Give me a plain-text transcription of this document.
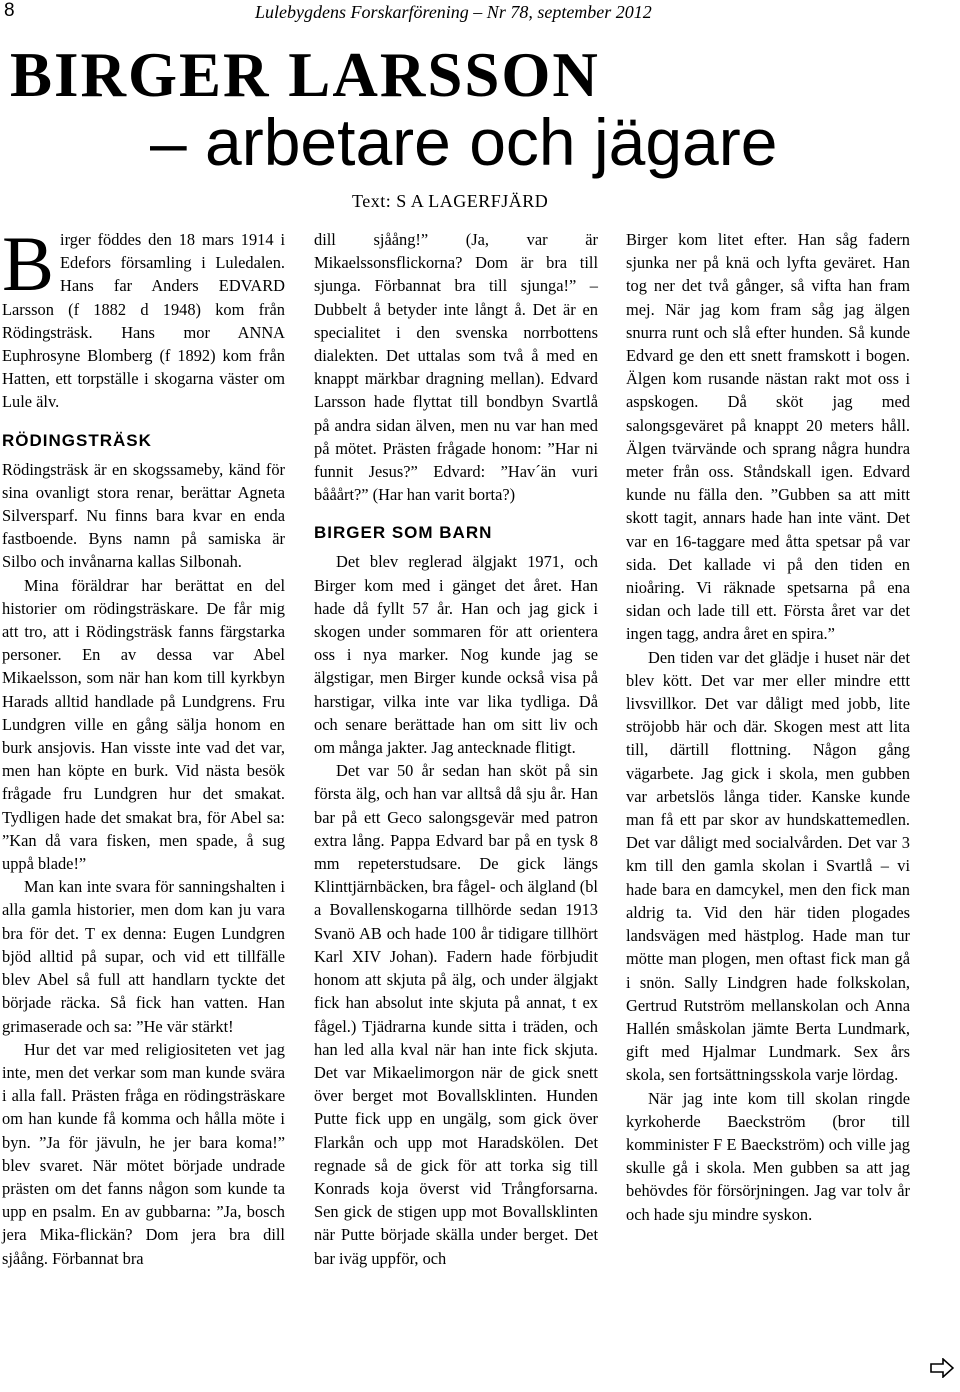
8	Lulebygdens Forskarförening – Nr 78, september 2012
BIRGER LARSSON
– arbetare och jägare
Text: S A LAGERFJÄRD

Birger föddes den 18 mars 1914 i Edefors församling i Luledalen. Hans far Anders EDVARD Larsson (f 1882 d 1948) kom från Rödingsträsk. Hans mor ANNA Euphrosyne Blomberg (f 1892) kom från Hatten, ett torpställe i skogarna väster om Lule älv.

RÖDINGSTRÄSK

Rödingsträsk är en skogssameby, känd för sina ovanligt stora renar, berättar Agneta Silversparf. Nu finns bara kvar en enda fastboende. Byns namn på samiska är Silbo och invånarna kallas Silbonah.

Mina föräldrar har berättat en del historier om rödingsträskare. De får mig att tro, att i Rödingsträsk fanns färgstarka personer. En av dessa var Abel Mikaelsson, som när han kom till kyrkbyn Harads alltid handlade på Lundgrens. Fru Lundgren ville en gång sälja honom en burk ansjovis. Han visste inte vad det var, men han köpte en burk. Vid nästa besök frågade fru Lundgren hur det smakat. Tydligen hade det smakat bra, för Abel sa: ”Kan då vara fisken, men spade, å sug uppå blade!”

Man kan inte svara för sanningshalten i alla gamla historier, men dom kan ju vara bra för det. T ex denna: Eugen Lundgren bjöd alltid på supar, och vid ett tillfälle blev Abel så full att handlarn tyckte det började räcka. Så fick han vatten. Han grimaserade och sa: ”He vär stärkt!

Hur det var med religiositeten vet jag inte, men det verkar som man kunde svära i alla fall. Prästen fråga en rödingsträskare om han kunde få komma och hålla möte i byn. ”Ja för jävuln, he jer bara koma!” blev svaret. När mötet började undrade prästen om det fanns någon som kunde ta upp en psalm. En av gubbarna: ”Ja, bosch jera Mika-flickän? Dom jera bra dill sjåång. Förbannat bra

dill sjåång!” (Ja, var är Mikaelssonsflickorna? Dom är bra till sjunga. Förbannat bra till sjunga!” – Dubbelt å betyder inte långt å. Det är en specialitet i den svenska norrbottens dialekten. Det uttalas som två å med en knappt märkbar dragning mellan). Edvard Larsson hade flyttat till bondbyn Svartlå på andra sidan älven, men nu var han med på mötet. Prästen frågade honom: ”Har ni funnit Jesus?” Edvard: ”Hav´än vuri bååårt?” (Har han varit borta?)

BIRGER SOM BARN

Det blev reglerad älgjakt 1971, och Birger kom med i gänget det året. Han hade då fyllt 57 år. Han och jag gick i skogen under sommaren för att orientera oss i nya marker. Nog kunde jag se älgstigar, men Birger kunde också visa på harstigar, vilka inte var lika tydliga. Då och senare berättade han om sitt liv och om många jakter. Jag antecknade flitigt.

Det var 50 år sedan han sköt på sin första älg, och han var alltså då sju år. Han bar på ett Geco salongsgevär med patron extra lång. Pappa Edvard bar på en tysk 8 mm repeterstudsare. De gick längs Klinttjärnbäcken, bra fågel- och älgland (bl a Bovallenskogarna tillhörde sedan 1913 Svanö AB och hade 100 år tidigare tillhört Karl XIV Johan). Fadern hade förbjudit honom att skjuta på älg, och under älgjakt fick han absolut inte skjuta på annat, t ex fågel.) Tjädrarna kunde sitta i träden, och han led alla kval när han inte fick skjuta. Det var Mikaelimorgon när de gick snett över berget mot Bovallsklinten. Hunden Putte fick upp en ungälg, som gick över Flarkån och upp mot Haradskölen. Det regnade så de gick för att torka sig till Konrads koja överst vid Trångforsarna. Sen gick de stigen upp mot Bovallsklinten när Putte började skälla under berget. Det bar iväg uppför, och

Birger kom litet efter. Han såg fadern sjunka ner på knä och lyfta geväret. Han tog ner det två gånger, så vifta han fram mej. När jag kom fram såg jag älgen snurra runt och slå efter hunden. Så kunde Edvard ge den ett snett framskott i bogen. Älgen kom rusande nästan rakt mot oss i aspskogen. Då sköt jag med salongsgeväret på knappt 20 meters håll. Älgen tvärvände och sprang några hundra meter från oss. Ståndskall igen. Edvard kunde nu fälla den. ”Gubben sa att mitt skott tagit, annars hade han inte vänt. Det var en 16-taggare med åtta spetsar på var sida. Det kallade vi på den tiden en nioåring. Vi räknade spetsarna på ena sidan och lade till ett. Första året var det ingen tagg, andra året en spira.”

Den tiden var det glädje i huset när det blev kött. Det var mer eller mindre ettt livsvillkor. Det var dåligt med jobb, lite ströjobb här och där. Skogen mest att lita till, därtill flottning. Någon gång vägarbete. Jag gick i skola, men gubben var arbetslös långa tider. Kanske kunde man få ett par skor av hundskattemedlen. Det var dåligt med socialvården. Det var 3 km till den gamla skolan i Svartlå – vi hade bara en damcykel, men den fick man aldrig ta. Vid den här tiden plogades landsvägen med hästplog. Hade man tur mötte man plogen, men oftast fick man gå i snön. Sally Lindgren hade folkskolan, Gertrud Rutström mellanskolan och Anna Hallén småskolan jämte Berta Lundmark, gift med Hjalmar Lundmark. Sex års skola, sen fortsättningsskola varje lördag.

När jag inte kom till skolan ringde kyrkoherde Baeckström (bror till komminister F E Baeckström) och ville jag skulle gå i skola. Men gubben sa att jag behövdes för försörjningen. Jag var tolv år och hade sju mindre syskon.
